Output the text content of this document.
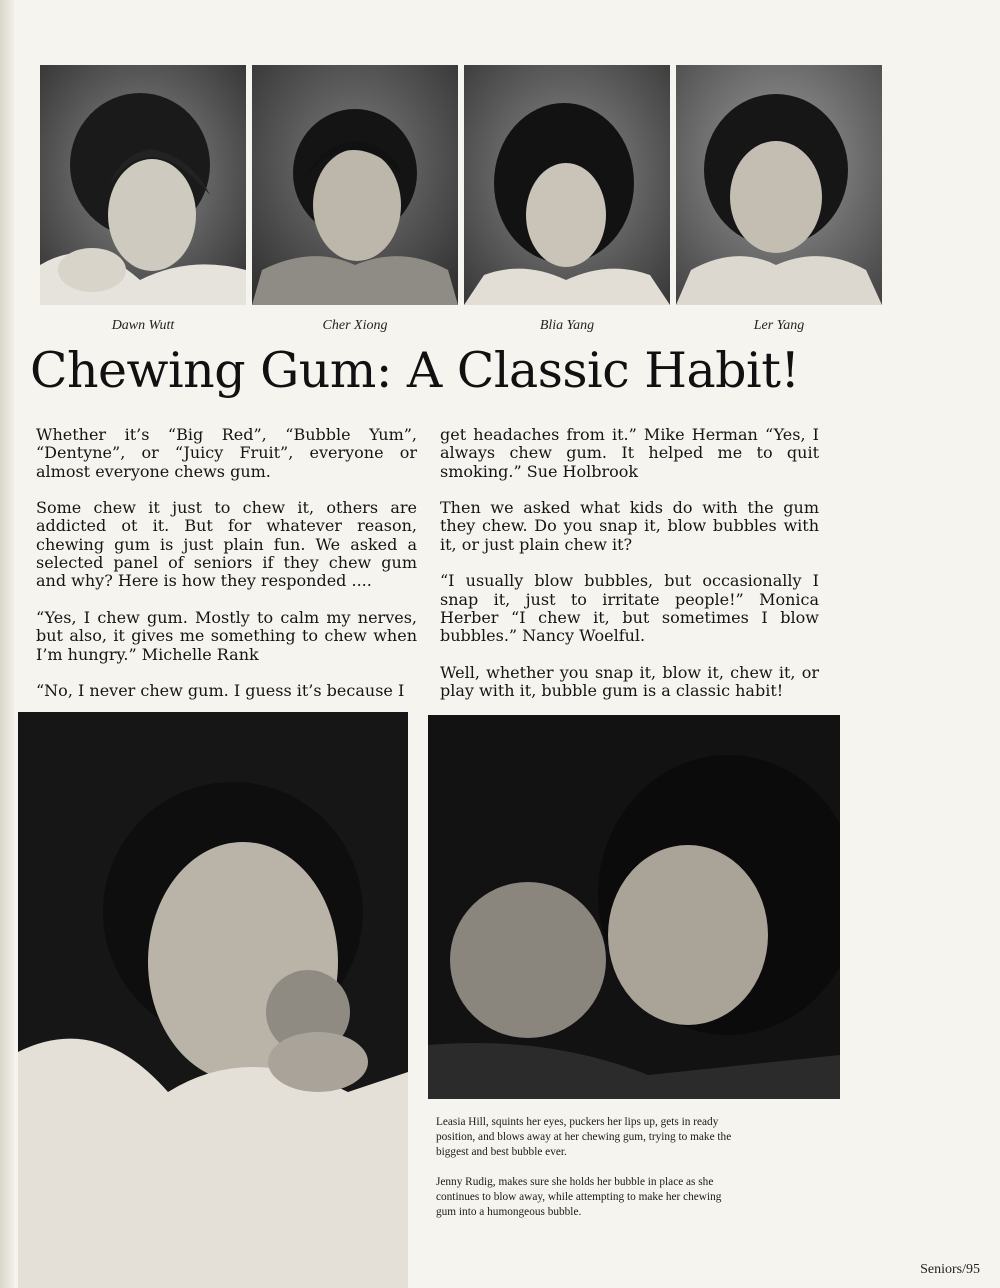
Dawn Wutt	Cher Xiong	Blia Yang	Ler Yang
Chewing Gum: A Classic Habit!

Whether it’s “Big Red”, “Bubble Yum”, “Dentyne”, or “Juicy Fruit”, everyone or almost everyone chews gum.

Some chew it just to chew it, others are addicted ot it. But for whatever reason, chewing gum is just plain fun. We asked a selected panel of seniors if they chew gum and why? Here is how they responded ....

“Yes, I chew gum. Mostly to calm my nerves, but also, it gives me something to chew when I’m hungry.” Michelle Rank

“No, I never chew gum. I guess it’s because I

get headaches from it.” Mike Herman “Yes, I always chew gum. It helped me to quit smoking.” Sue Holbrook

Then we asked what kids do with the gum they chew. Do you snap it, blow bubbles with it, or just plain chew it?

“I usually blow bubbles, but occasionally I snap it, just to irritate people!” Monica Herber “I chew it, but sometimes I blow bubbles.” Nancy Woelful.

Well, whether you snap it, blow it, chew it, or play with it, bubble gum is a classic habit!

Leasia Hill, squints her eyes, puckers her lips up, gets in ready position, and blows away at her chewing gum, trying to make the biggest and best bubble ever.

Jenny Rudig, makes sure she holds her bubble in place as she continues to blow away, while attempting to make her chewing gum into a humongeous bubble.

Seniors/95
